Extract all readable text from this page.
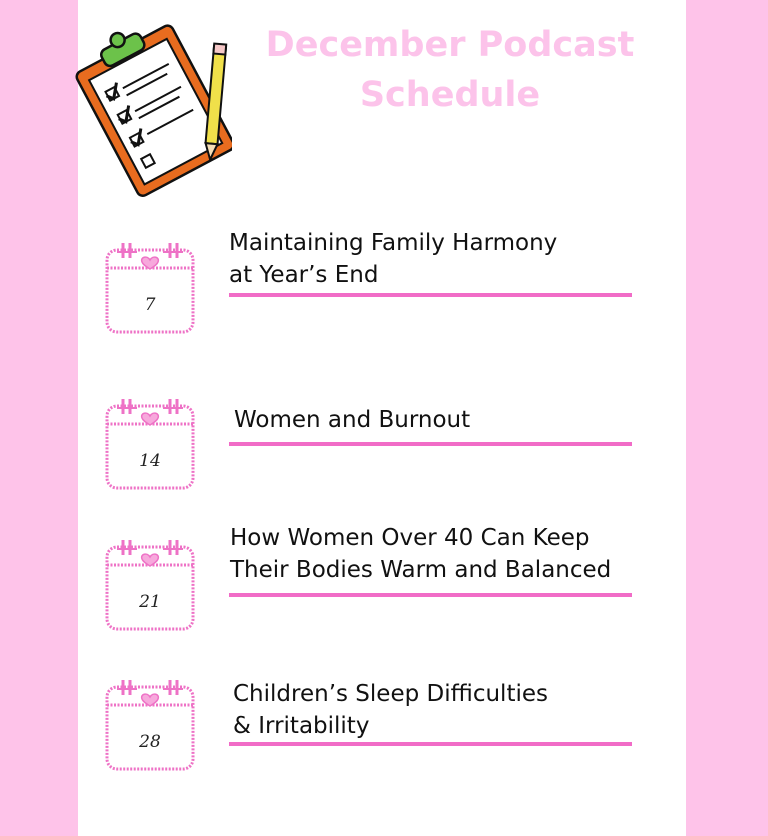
December Podcast Schedule
7
Maintaining Family Harmony
at Year’s End
14
Women and Burnout
21
How Women Over 40 Can Keep
Their Bodies Warm and Balanced
28
Children’s Sleep Difficulties
& Irritability
